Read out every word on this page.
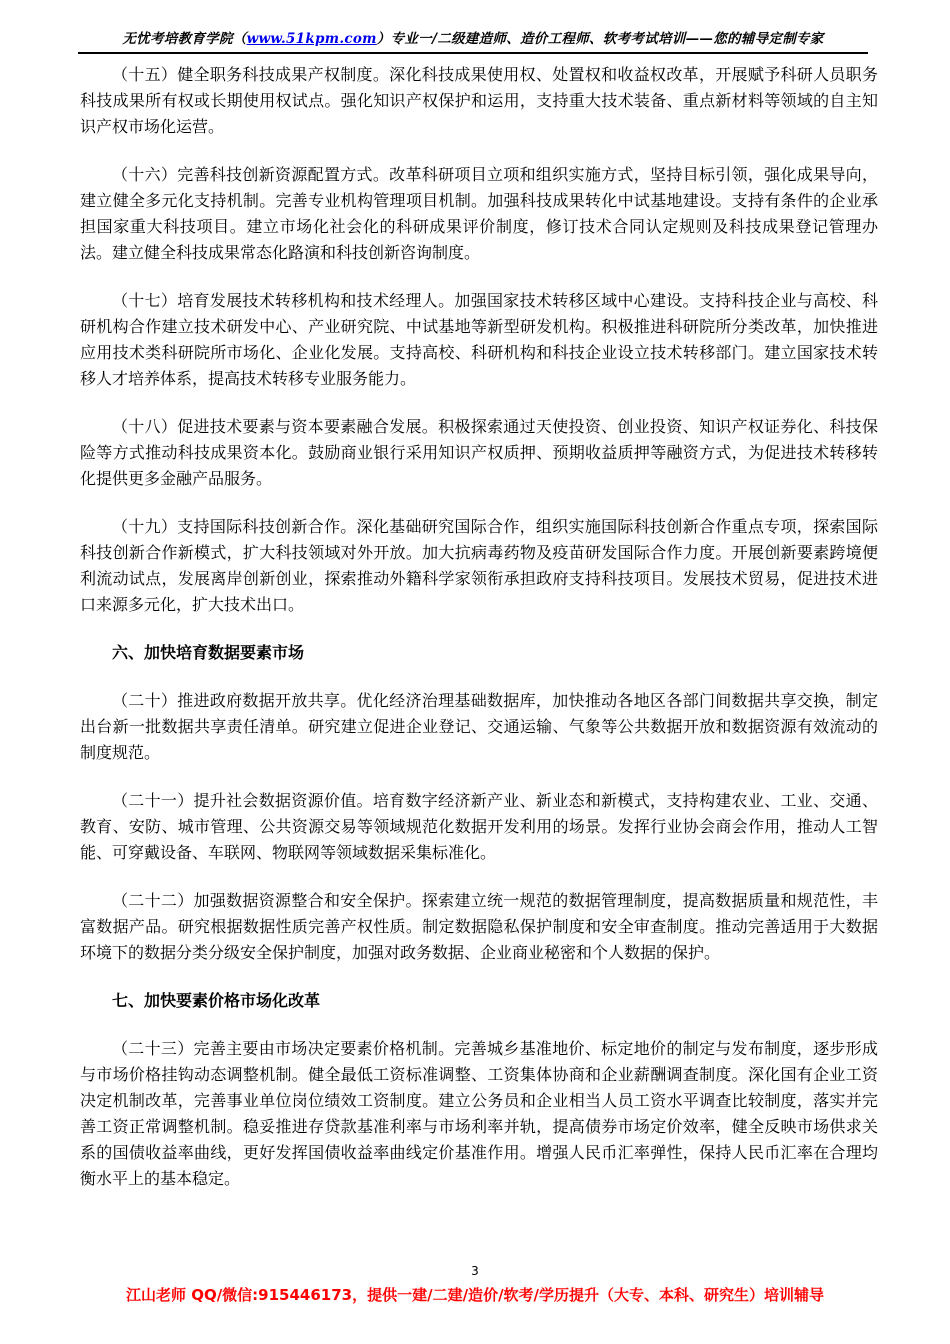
无忧考培教育学院（www.51kpm.com）专业一/二级建造师、造价工程师、软考考试培训——您的辅导定制专家

（十五）健全职务科技成果产权制度。深化科技成果使用权、处置权和收益权改革，开展赋予科研人员职务科技成果所有权或长期使用权试点。强化知识产权保护和运用，支持重大技术装备、重点新材料等领域的自主知识产权市场化运营。

（十六）完善科技创新资源配置方式。改革科研项目立项和组织实施方式，坚持目标引领，强化成果导向，建立健全多元化支持机制。完善专业机构管理项目机制。加强科技成果转化中试基地建设。支持有条件的企业承担国家重大科技项目。建立市场化社会化的科研成果评价制度，修订技术合同认定规则及科技成果登记管理办法。建立健全科技成果常态化路演和科技创新咨询制度。

（十七）培育发展技术转移机构和技术经理人。加强国家技术转移区域中心建设。支持科技企业与高校、科研机构合作建立技术研发中心、产业研究院、中试基地等新型研发机构。积极推进科研院所分类改革，加快推进应用技术类科研院所市场化、企业化发展。支持高校、科研机构和科技企业设立技术转移部门。建立国家技术转移人才培养体系，提高技术转移专业服务能力。

（十八）促进技术要素与资本要素融合发展。积极探索通过天使投资、创业投资、知识产权证券化、科技保险等方式推动科技成果资本化。鼓励商业银行采用知识产权质押、预期收益质押等融资方式，为促进技术转移转化提供更多金融产品服务。

（十九）支持国际科技创新合作。深化基础研究国际合作，组织实施国际科技创新合作重点专项，探索国际科技创新合作新模式，扩大科技领域对外开放。加大抗病毒药物及疫苗研发国际合作力度。开展创新要素跨境便利流动试点，发展离岸创新创业，探索推动外籍科学家领衔承担政府支持科技项目。发展技术贸易，促进技术进口来源多元化，扩大技术出口。

六、加快培育数据要素市场

（二十）推进政府数据开放共享。优化经济治理基础数据库，加快推动各地区各部门间数据共享交换，制定出台新一批数据共享责任清单。研究建立促进企业登记、交通运输、气象等公共数据开放和数据资源有效流动的制度规范。

（二十一）提升社会数据资源价值。培育数字经济新产业、新业态和新模式，支持构建农业、工业、交通、教育、安防、城市管理、公共资源交易等领域规范化数据开发利用的场景。发挥行业协会商会作用，推动人工智能、可穿戴设备、车联网、物联网等领域数据采集标准化。

（二十二）加强数据资源整合和安全保护。探索建立统一规范的数据管理制度，提高数据质量和规范性，丰富数据产品。研究根据数据性质完善产权性质。制定数据隐私保护制度和安全审查制度。推动完善适用于大数据环境下的数据分类分级安全保护制度，加强对政务数据、企业商业秘密和个人数据的保护。

七、加快要素价格市场化改革

（二十三）完善主要由市场决定要素价格机制。完善城乡基准地价、标定地价的制定与发布制度，逐步形成与市场价格挂钩动态调整机制。健全最低工资标准调整、工资集体协商和企业薪酬调查制度。深化国有企业工资决定机制改革，完善事业单位岗位绩效工资制度。建立公务员和企业相当人员工资水平调查比较制度，落实并完善工资正常调整机制。稳妥推进存贷款基准利率与市场利率并轨，提高债券市场定价效率，健全反映市场供求关系的国债收益率曲线，更好发挥国债收益率曲线定价基准作用。增强人民币汇率弹性，保持人民币汇率在合理均衡水平上的基本稳定。

3
江山老师 QQ/微信:915446173，提供一建/二建/造价/软考/学历提升（大专、本科、研究生）培训辅导
